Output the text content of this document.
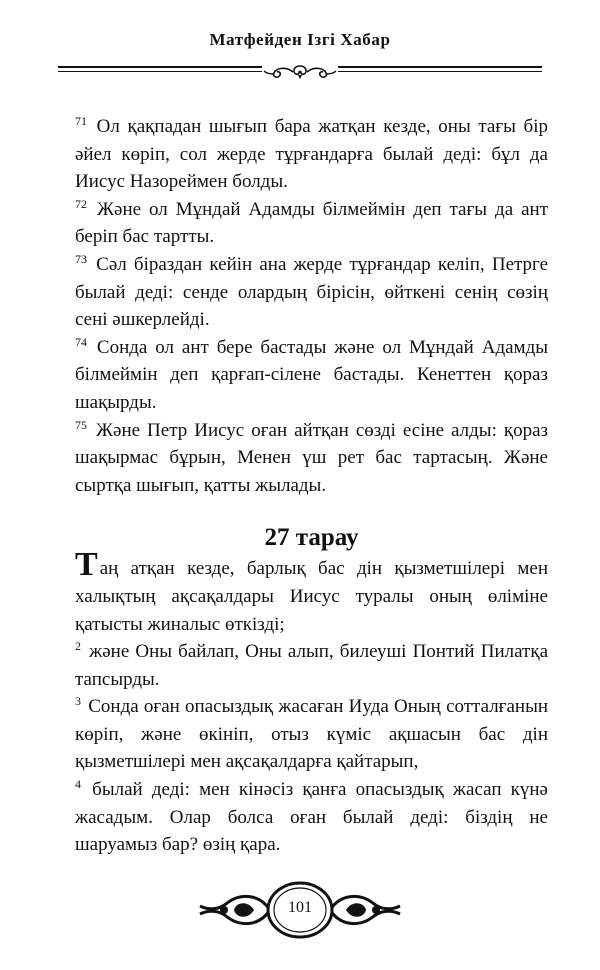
Матфейден Ізгі Хабар

$^{71}$ Ол қақпадан шығып бара жатқан кезде, оны тағы бір әйел көріп, сол жерде тұрғандарға былай деді: бұл да Иисус Назореймен болды.

$^{72}$ Және ол Мұндай Адамды білмеймін деп тағы да ант беріп бас тартты.

$^{73}$ Сәл біраздан кейін ана жерде тұрғандар келіп, Петрге былай деді: сенде олардың бірісін, өйткені сенің сөзің сені әшкерлейді.

$^{74}$ Сонда ол ант бере бастады және ол Мұндай Адамды білмеймін деп қарғап-сілене бастады. Кенеттен қораз шақырды.

$^{75}$ Және Петр Иисус оған айтқан сөзді есіне алды: қораз шақырмас бұрын, Менен үш рет бас тартасың. Және сыртқа шығып, қатты жылады.

27 тарау

Таң атқан кезде, барлық бас дін қызметшілері мен халықтың ақсақалдары Иисус туралы оның өліміне қатысты жиналыс өткізді;

$^2$ және Оны байлап, Оны алып, билеуші Понтий Пилатқа тапсырды.

$^3$ Сонда оған опасыздық жасаған Иуда Оның сотталғанын көріп, және өкініп, отыз күміс ақшасын бас дін қызметшілері мен ақсақалдарға қайтарып,

$^4$ былай деді: мен кінәсіз қанға опасыздық жасап күнә жасадым. Олар болса оған былай деді: біздің не шаруамыз бар? өзің қара.

101
